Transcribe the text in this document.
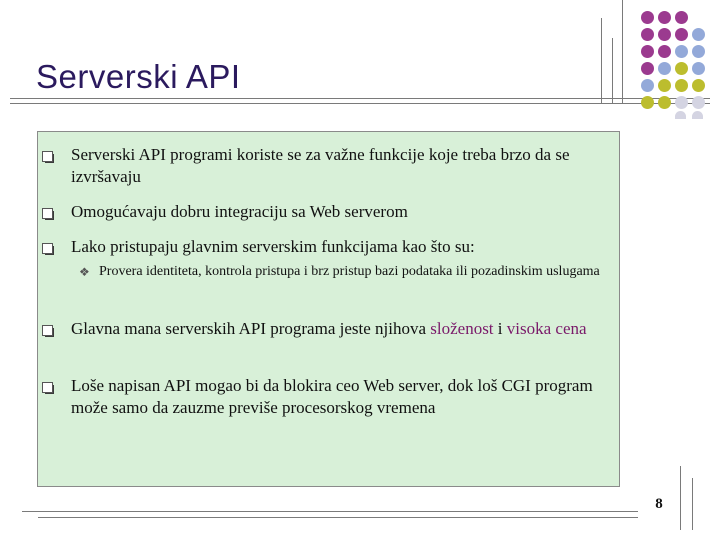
Serverski API
Serverski API programi koriste se za važne funkcije koje treba brzo da se izvršavaju
Omogućavaju dobru integraciju sa Web serverom
Lako pristupaju glavnim serverskim funkcijama kao što su:
❖ Provera identiteta, kontrola pristupa i brz pristup bazi podataka ili pozadinskim uslugama
Glavna mana serverskih API programa jeste njihova složenost i visoka cena
Loše napisan API mogao bi da blokira ceo Web server, dok loš CGI program može samo da zauzme previše procesorskog vremena
8
